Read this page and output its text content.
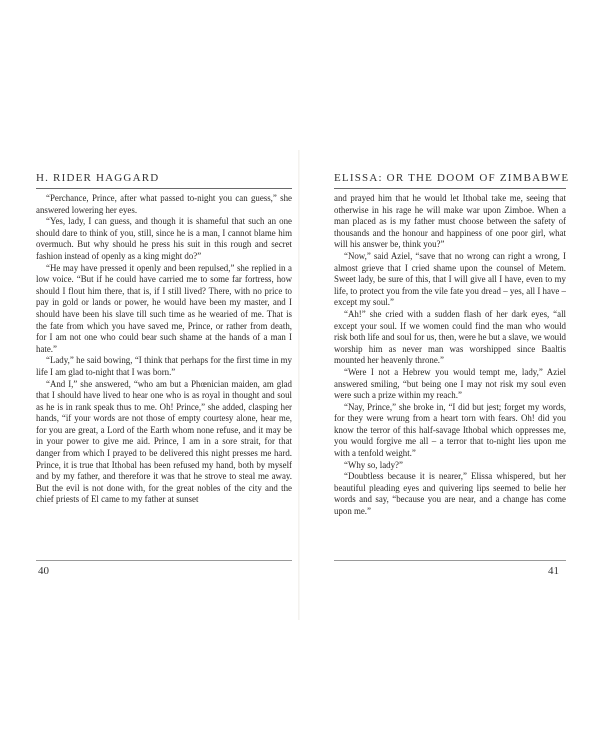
H. RIDER HAGGARD

“Perchance, Prince, after what passed to-night you can guess,” she answered lowering her eyes.

“Yes, lady, I can guess, and though it is shameful that such an one should dare to think of you, still, since he is a man, I cannot blame him overmuch. But why should he press his suit in this rough and secret fashion instead of openly as a king might do?”

“He may have pressed it openly and been repulsed,” she replied in a low voice. “But if he could have carried me to some far fortress, how should I flout him there, that is, if I still lived? There, with no price to pay in gold or lands or power, he would have been my master, and I should have been his slave till such time as he wearied of me. That is the fate from which you have saved me, Prince, or rather from death, for I am not one who could bear such shame at the hands of a man I hate.”

“Lady,” he said bowing, “I think that perhaps for the first time in my life I am glad to-night that I was born.”

“And I,” she answered, “who am but a Phœnician maiden, am glad that I should have lived to hear one who is as royal in thought and soul as he is in rank speak thus to me. Oh! Prince,” she added, clasping her hands, “if your words are not those of empty courtesy alone, hear me, for you are great, a Lord of the Earth whom none refuse, and it may be in your power to give me aid. Prince, I am in a sore strait, for that danger from which I prayed to be delivered this night presses me hard. Prince, it is true that Ithobal has been refused my hand, both by myself and by my father, and therefore it was that he strove to steal me away. But the evil is not done with, for the great nobles of the city and the chief priests of El came to my father at sunset

ELISSA: OR THE DOOM OF ZIMBABWE

and prayed him that he would let Ithobal take me, seeing that otherwise in his rage he will make war upon Zimboe. When a man placed as is my father must choose between the safety of thousands and the honour and happiness of one poor girl, what will his answer be, think you?”

“Now,” said Aziel, “save that no wrong can right a wrong, I almost grieve that I cried shame upon the counsel of Metem. Sweet lady, be sure of this, that I will give all I have, even to my life, to protect you from the vile fate you dread – yes, all I have – except my soul.”

“Ah!” she cried with a sudden flash of her dark eyes, “all except your soul. If we women could find the man who would risk both life and soul for us, then, were he but a slave, we would worship him as never man was worshipped since Baaltis mounted her heavenly throne.”

“Were I not a Hebrew you would tempt me, lady,” Aziel answered smiling, “but being one I may not risk my soul even were such a prize within my reach.”

“Nay, Prince,” she broke in, “I did but jest; forget my words, for they were wrung from a heart torn with fears. Oh! did you know the terror of this half-savage Ithobal which oppresses me, you would forgive me all – a terror that to-night lies upon me with a tenfold weight.”

“Why so, lady?”

“Doubtless because it is nearer,” Elissa whispered, but her beautiful pleading eyes and quivering lips seemed to belie her words and say, “because you are near, and a change has come upon me.”

40	41
